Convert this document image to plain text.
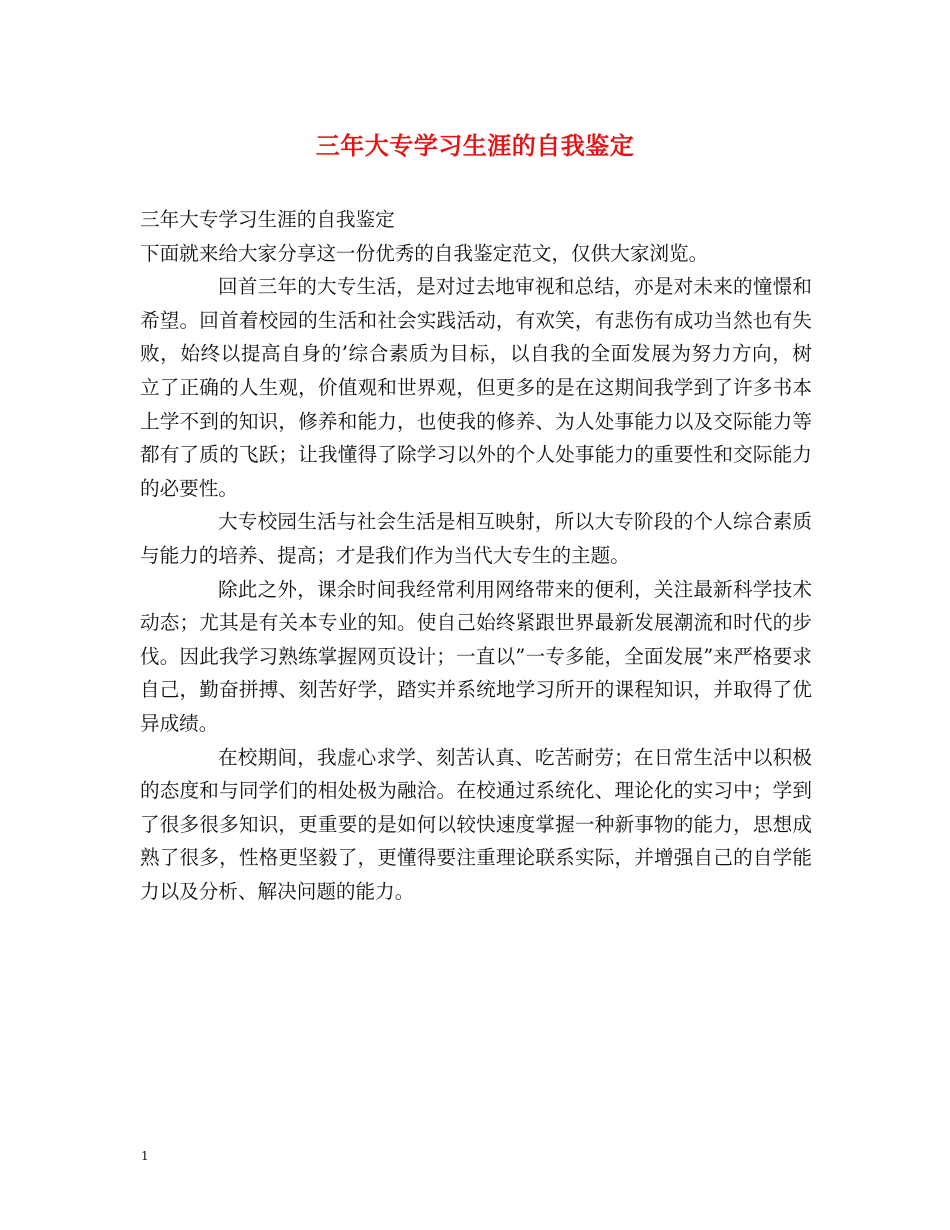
三年大专学习生涯的自我鉴定

三年大专学习生涯的自我鉴定

下面就来给大家分享这一份优秀的自我鉴定范文，仅供大家浏览。

回首三年的大专生活，是对过去地审视和总结，亦是对未来的憧憬和希望。回首着校园的生活和社会实践活动，有欢笑，有悲伤有成功当然也有失败，始终以提高自身的’综合素质为目标，以自我的全面发展为努力方向，树立了正确的人生观，价值观和世界观，但更多的是在这期间我学到了许多书本上学不到的知识，修养和能力，也使我的修养、为人处事能力以及交际能力等都有了质的飞跃；让我懂得了除学习以外的个人处事能力的重要性和交际能力的必要性。

大专校园生活与社会生活是相互映射，所以大专阶段的个人综合素质与能力的培养、提高；才是我们作为当代大专生的主题。

除此之外，课余时间我经常利用网络带来的便利，关注最新科学技术动态；尤其是有关本专业的知。使自己始终紧跟世界最新发展潮流和时代的步伐。因此我学习熟练掌握网页设计；一直以”一专多能，全面发展”来严格要求自己，勤奋拼搏、刻苦好学，踏实并系统地学习所开的课程知识，并取得了优异成绩。

在校期间，我虚心求学、刻苦认真、吃苦耐劳；在日常生活中以积极的态度和与同学们的相处极为融洽。在校通过系统化、理论化的实习中；学到了很多很多知识，更重要的是如何以较快速度掌握一种新事物的能力，思想成熟了很多，性格更坚毅了，更懂得要注重理论联系实际，并增强自己的自学能力以及分析、解决问题的能力。

1
